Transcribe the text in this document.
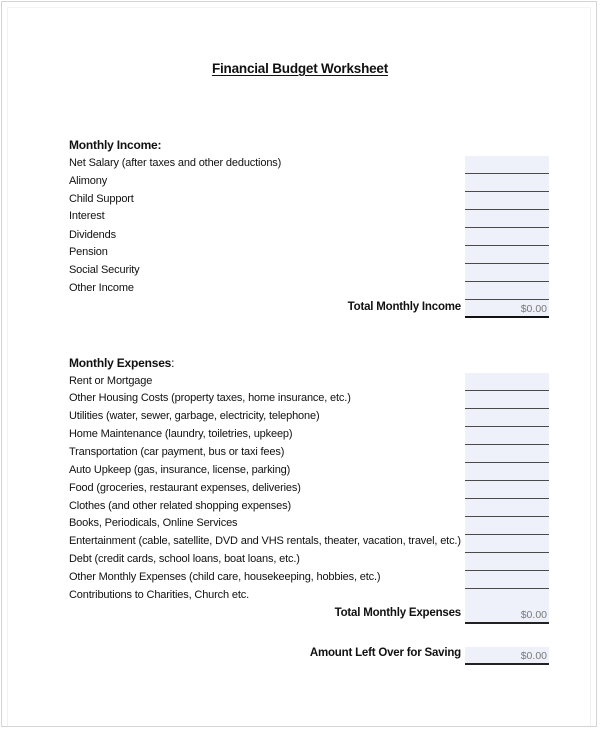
Financial Budget Worksheet
Monthly Income:
Net Salary (after taxes and other deductions)
Alimony
Child Support
Interest
Dividends
Pension
Social Security
Other Income
Total Monthly Income	$0.00
Monthly Expenses:
Rent or Mortgage
Other Housing Costs (property taxes, home insurance, etc.)
Utilities (water, sewer, garbage, electricity, telephone)
Home Maintenance (laundry, toiletries, upkeep)
Transportation (car payment, bus or taxi fees)
Auto Upkeep (gas, insurance, license, parking)
Food (groceries, restaurant expenses, deliveries)
Clothes (and other related shopping expenses)
Books, Periodicals, Online Services
Entertainment (cable, satellite, DVD and VHS rentals, theater, vacation, travel, etc.)
Debt (credit cards, school loans, boat loans, etc.)
Other Monthly Expenses (child care, housekeeping, hobbies, etc.)
Contributions to Charities, Church etc.
Total Monthly Expenses	$0.00
Amount Left Over for Saving	$0.00
